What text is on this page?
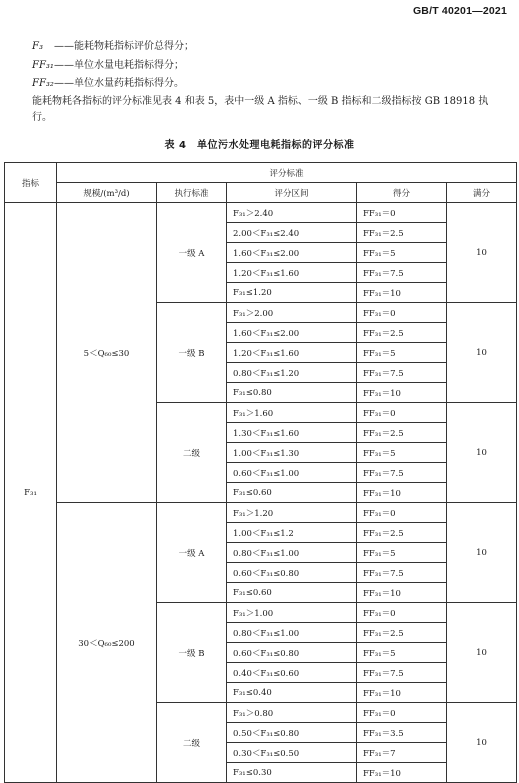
GB/T 40201—2021
F₃ ——能耗物耗指标评价总得分；
FF₃₁——单位水量电耗指标得分；
FF₃₂——单位水量药耗指标得分。
能耗物耗各指标的评分标准见表 4 和表 5，表中一级 A 指标、一级 B 指标和二级指标按 GB 18918 执行。
表 4　单位污水处理电耗指标的评分标准
指标	评分标准				
	规模/(m³/d)	执行标准	评分区间	得分	满分
F₃₁	5＜Q₆₀≤30	一级 A	F₃₁＞2.40	FF₃₁＝0	10
			2.00＜F₃₁≤2.40	FF₃₁＝2.5	
			1.60＜F₃₁≤2.00	FF₃₁＝5	
			1.20＜F₃₁≤1.60	FF₃₁＝7.5	
			F₃₁≤1.20	FF₃₁＝10	
		一级 B	F₃₁＞2.00	FF₃₁＝0	10
			1.60＜F₃₁≤2.00	FF₃₁＝2.5	
			1.20＜F₃₁≤1.60	FF₃₁＝5	
			0.80＜F₃₁≤1.20	FF₃₁＝7.5	
			F₃₁≤0.80	FF₃₁＝10	
		二级	F₃₁＞1.60	FF₃₁＝0	10
			1.30＜F₃₁≤1.60	FF₃₁＝2.5	
			1.00＜F₃₁≤1.30	FF₃₁＝5	
			0.60＜F₃₁≤1.00	FF₃₁＝7.5	
			F₃₁≤0.60	FF₃₁＝10	
	30＜Q₆₀≤200	一级 A	F₃₁＞1.20	FF₃₁＝0	10
			1.00＜F₃₁≤1.2	FF₃₁＝2.5	
			0.80＜F₃₁≤1.00	FF₃₁＝5	
			0.60＜F₃₁≤0.80	FF₃₁＝7.5	
			F₃₁≤0.60	FF₃₁＝10	
		一级 B	F₃₁＞1.00	FF₃₁＝0	10
			0.80＜F₃₁≤1.00	FF₃₁＝2.5	
			0.60＜F₃₁≤0.80	FF₃₁＝5	
			0.40＜F₃₁≤0.60	FF₃₁＝7.5	
			F₃₁≤0.40	FF₃₁＝10	
		二级	F₃₁＞0.80	FF₃₁＝0	10
			0.50＜F₃₁≤0.80	FF₃₁＝3.5	
			0.30＜F₃₁≤0.50	FF₃₁＝7	
			F₃₁≤0.30	FF₃₁＝10	
